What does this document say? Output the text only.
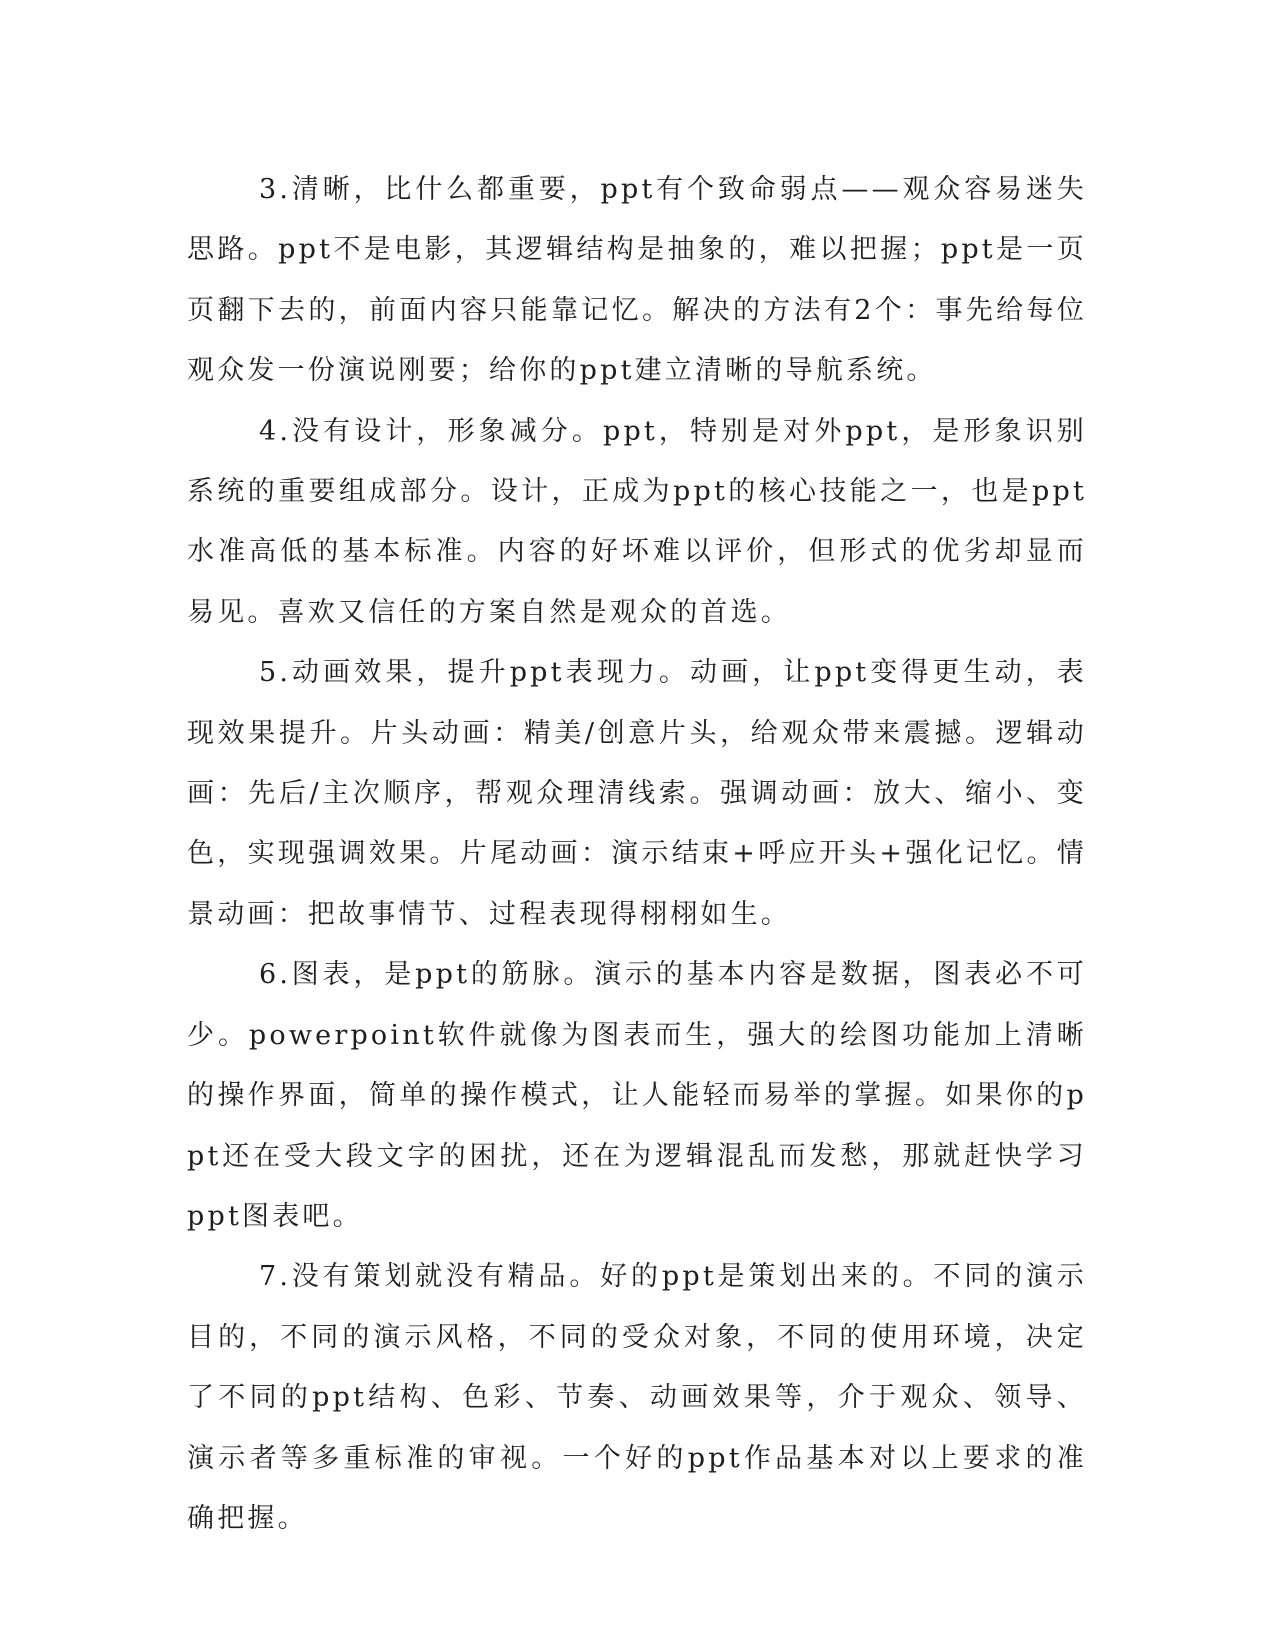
3.清晰，比什么都重要，ppt有个致命弱点——观众容易迷失思路。ppt不是电影，其逻辑结构是抽象的，难以把握；ppt是一页页翻下去的，前面内容只能靠记忆。解决的方法有2个：事先给每位观众发一份演说刚要；给你的ppt建立清晰的导航系统。

4.没有设计，形象减分。ppt，特别是对外ppt，是形象识别系统的重要组成部分。设计，正成为ppt的核心技能之一，也是ppt水准高低的基本标准。内容的好坏难以评价，但形式的优劣却显而易见。喜欢又信任的方案自然是观众的首选。

5.动画效果，提升ppt表现力。动画，让ppt变得更生动，表现效果提升。片头动画：精美/创意片头，给观众带来震撼。逻辑动画：先后/主次顺序，帮观众理清线索。强调动画：放大、缩小、变色，实现强调效果。片尾动画：演示结束+呼应开头+强化记忆。情景动画：把故事情节、过程表现得栩栩如生。

6.图表，是ppt的筋脉。演示的基本内容是数据，图表必不可少。powerpoint软件就像为图表而生，强大的绘图功能加上清晰的操作界面，简单的操作模式，让人能轻而易举的掌握。如果你的ppt还在受大段文字的困扰，还在为逻辑混乱而发愁，那就赶快学习ppt图表吧。

7.没有策划就没有精品。好的ppt是策划出来的。不同的演示目的，不同的演示风格，不同的受众对象，不同的使用环境，决定了不同的ppt结构、色彩、节奏、动画效果等，介于观众、领导、演示者等多重标准的审视。一个好的ppt作品基本对以上要求的准确把握。
